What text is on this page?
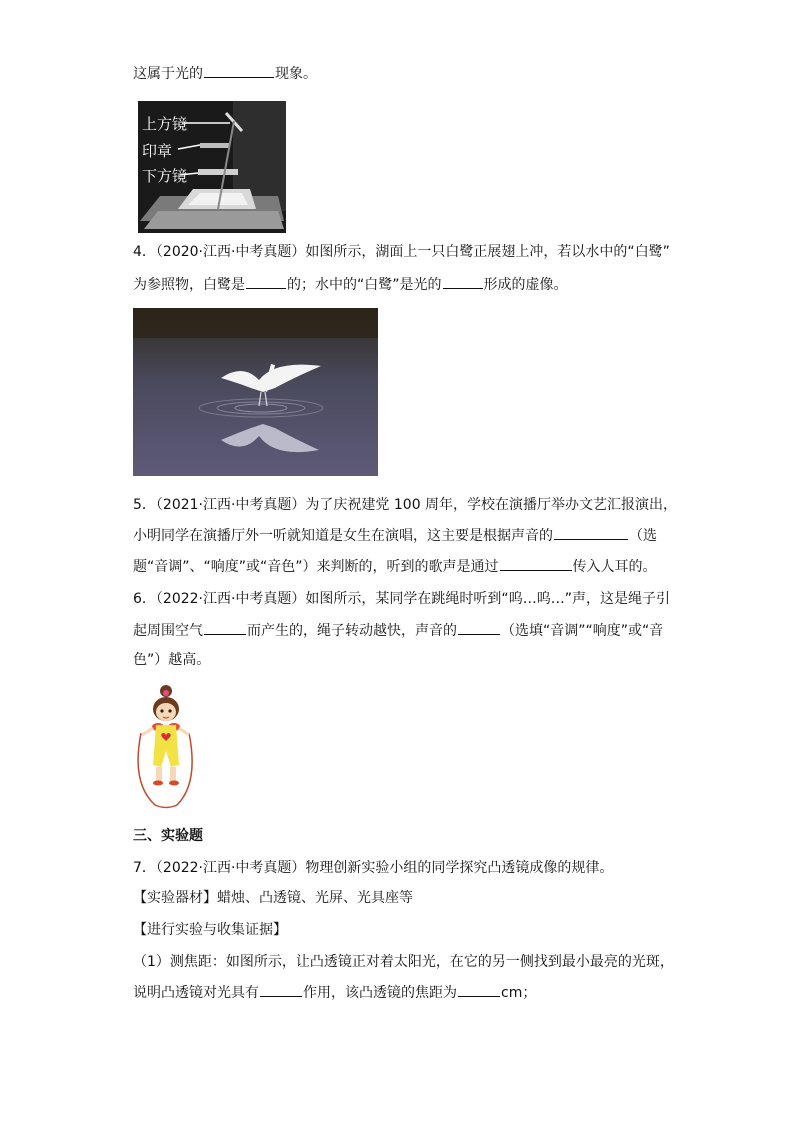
这属于光的	现象。
上方镜
印章
下方镜
4．（2020·江西·中考真题）如图所示，湖面上一只白鹭正展翅上冲，若以水中的“白鹭”
为参照物，白鹭是	的；水中的“白鹭”是光的	形成的虚像。
5．（2021·江西·中考真题）为了庆祝建党 100 周年，学校在演播厅举办文艺汇报演出，
小明同学在演播厅外一听就知道是女生在演唱，这主要是根据声音的	（选
题“音调”、“响度”或“音色”）来判断的，听到的歌声是通过	传入人耳的。
6．（2022·江西·中考真题）如图所示，某同学在跳绳时听到“呜…呜…”声，这是绳子引
起周围空气	而产生的，绳子转动越快，声音的	（选填“音调”“响度”或“音
色”）越高。
三、实验题
7．（2022·江西·中考真题）物理创新实验小组的同学探究凸透镜成像的规律。
【实验器材】蜡烛、凸透镜、光屏、光具座等
【进行实验与收集证据】
（1）测焦距：如图所示，让凸透镜正对着太阳光，在它的另一侧找到最小最亮的光斑，
说明凸透镜对光具有	作用，该凸透镜的焦距为	cm；
